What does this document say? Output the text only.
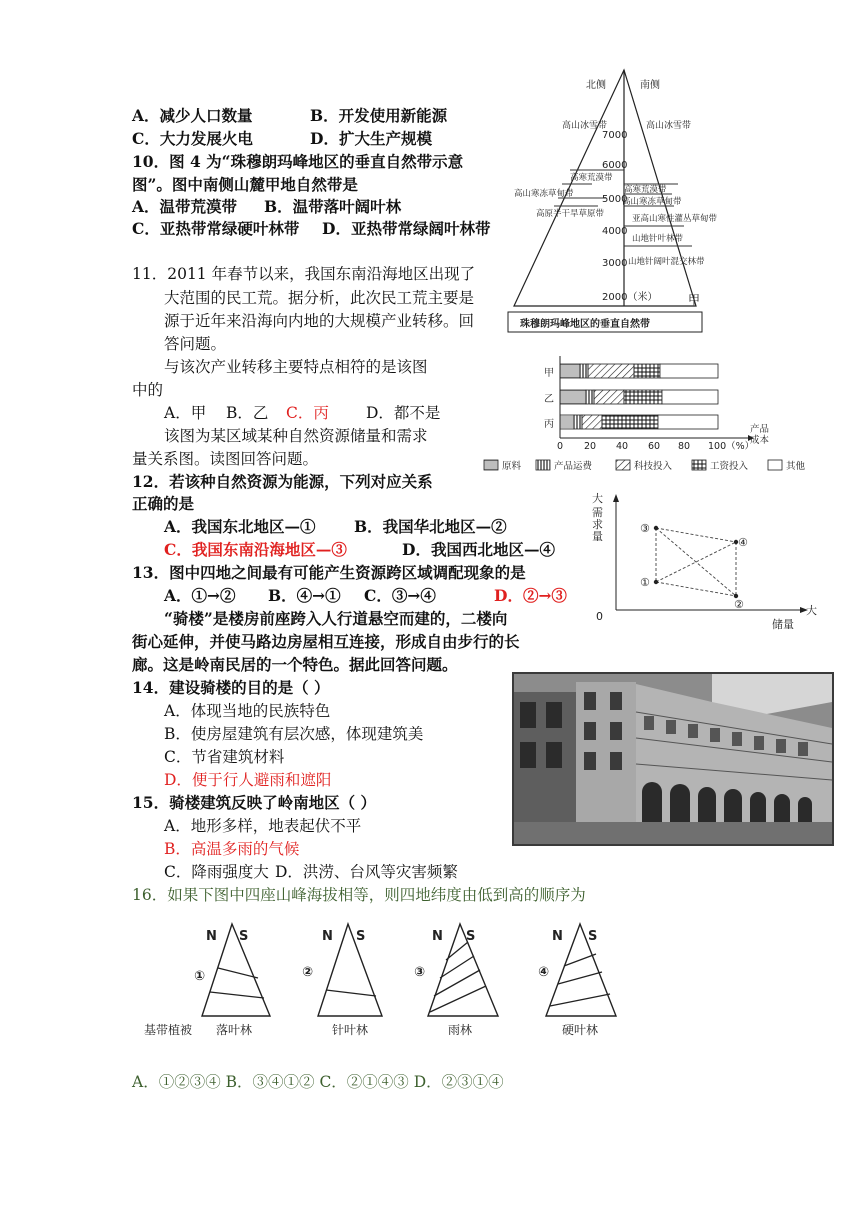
A．减少人口数量	B．开发使用新能源
C．大力发展火电	D．扩大生产规模
10．图 4 为“珠穆朗玛峰地区的垂直自然带示意
图”。图中南侧山麓甲地自然带是
A．温带荒漠带 B．温带落叶阔叶林
C．亚热带常绿硬叶林带 D．亚热带常绿阔叶林带
11．2011 年春节以来，我国东南沿海地区出现了
大范围的民工荒。据分析，此次民工荒主要是
源于近年来沿海向内地的大规模产业转移。回
答问题。
与该次产业转移主要特点相符的是该图
中的
A．甲 B．乙 C．丙 D．都不是
该图为某区域某种自然资源储量和需求
量关系图。读图回答问题。
12．若该种自然资源为能源，下列对应关系
正确的是
A．我国东北地区—① B．我国华北地区—②
C．我国东南沿海地区—③	D．我国西北地区—④
13．图中四地之间最有可能产生资源跨区域调配现象的是
A．①→② B．④→① C．③→④	D．②→③
“骑楼”是楼房前座跨入人行道悬空而建的，二楼向
街心延伸，并使马路边房屋相互连接，形成自由步行的长
廊。这是岭南民居的一个特色。据此回答问题。
14．建设骑楼的目的是（ ）
A．体现当地的民族特色
B．使房屋建筑有层次感，体现建筑美
C．节省建筑材料
D．便于行人避雨和遮阳
15．骑楼建筑反映了岭南地区（ ）
A．地形多样，地表起伏不平
B．高温多雨的气候
C．降雨强度大 D．洪涝、台风等灾害频繁
16．如果下图中四座山峰海拔相等，则四地纬度由低到高的顺序为
A．①②③④ B．③④①② C．②①④③ D．②③①④
北侧	南侧
高山冰雪带	高山冰雪带
高寒荒漠带
高山寒冻草甸带
高原半干旱草原带
高寒荒漠带
高山寒冻草甸带
亚高山寒性灌丛草甸带
山地针叶林带
山地针阔叶混交林带
7000
6000
5000
4000
3000
2000（米）	甲
珠穆朗玛峰地区的垂直自然带
甲
乙
丙
0 20 40 60 80 100（%）
产品
成本
原料	产品运费	科技投入	工资投入	其他
大
需
求
量
大
储量
0
③
④
①
②
N S
①
N S
②
N S
③
N S
④
基带植被 落叶林	针叶林	雨林	硬叶林
